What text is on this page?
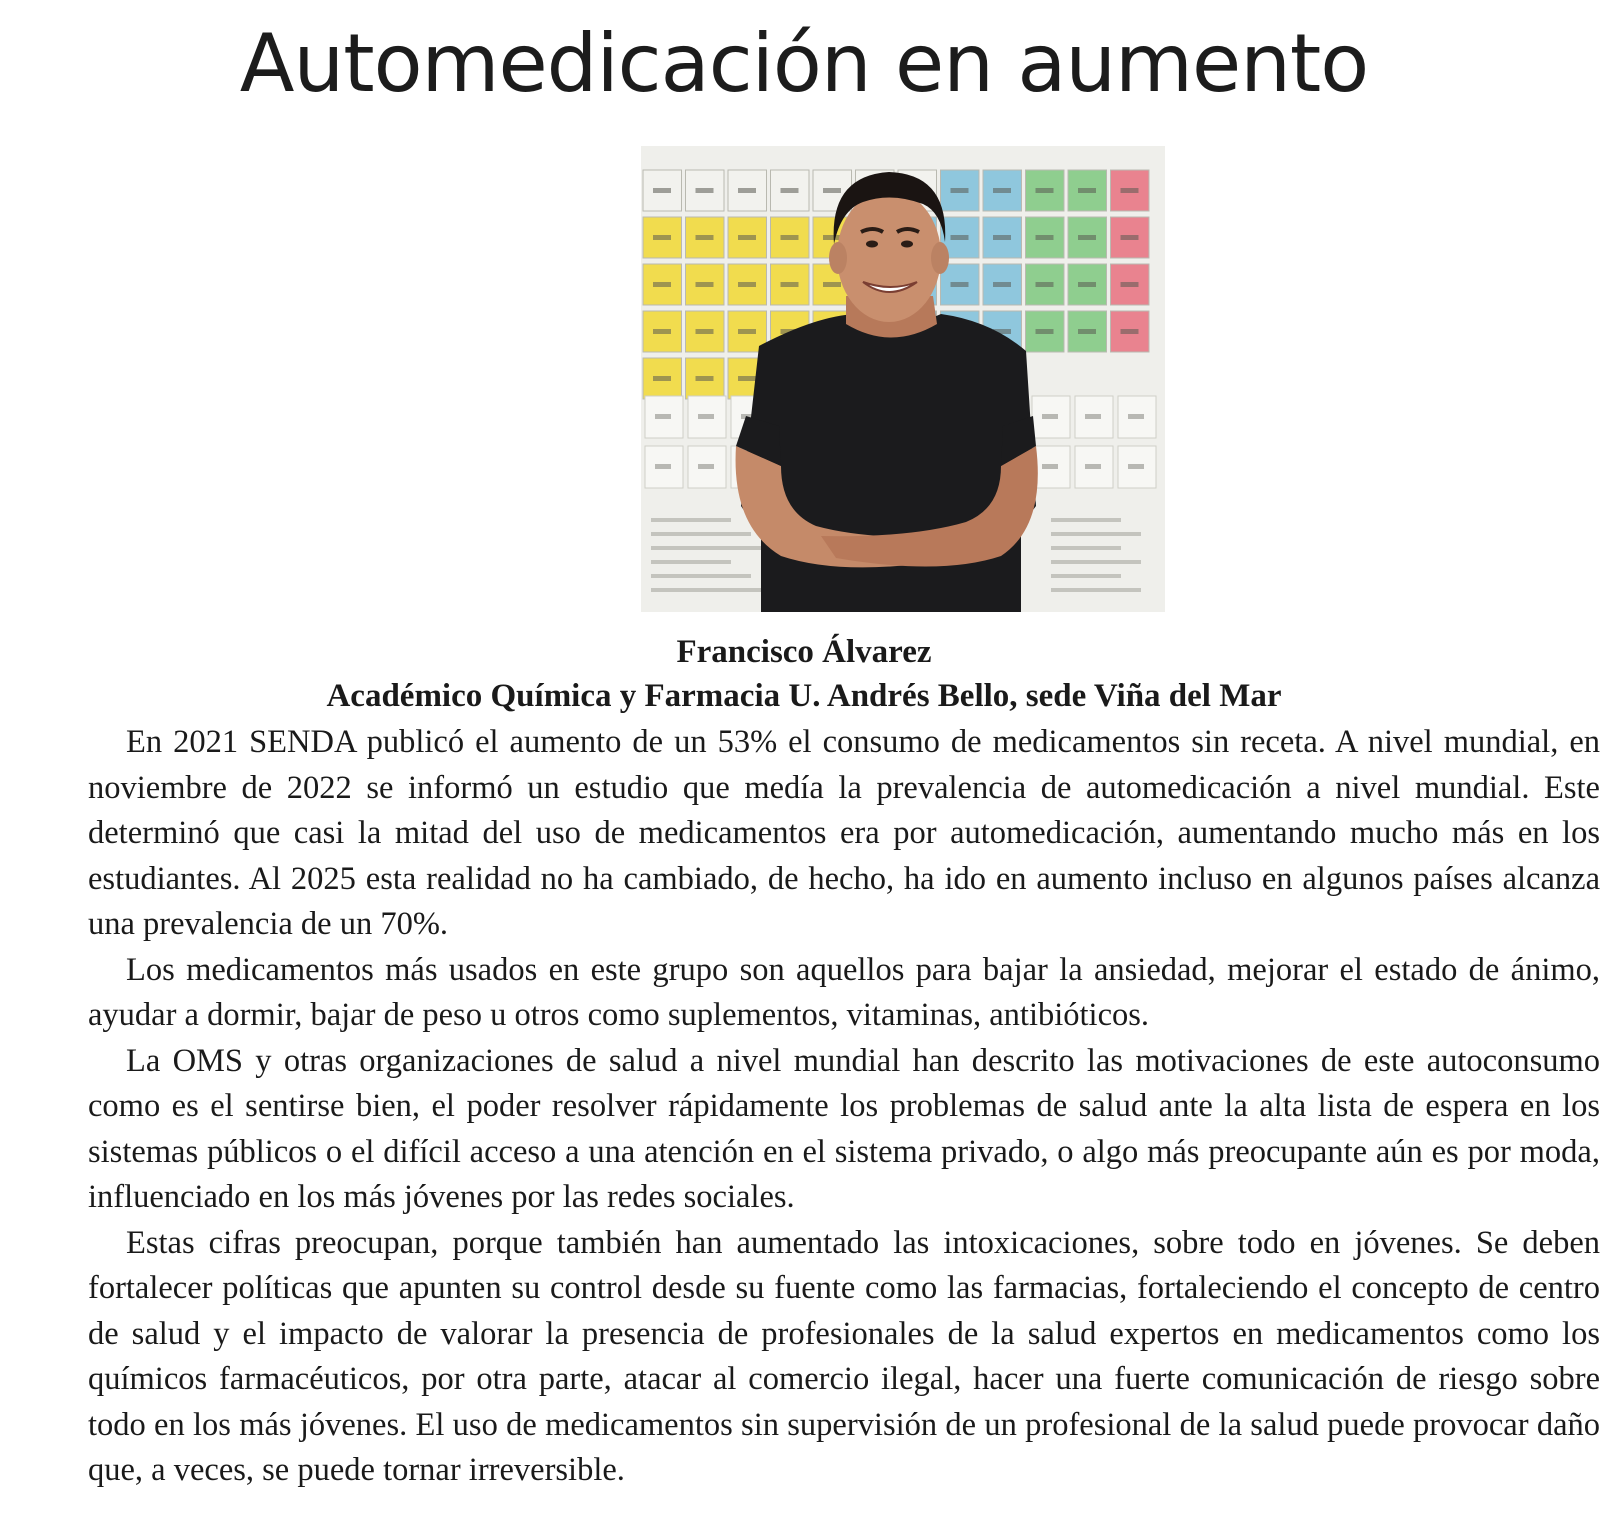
Automedicación en aumento
Francisco Álvarez
Académico Química y Farmacia U. Andrés Bello, sede Viña del Mar

En 2021 SENDA publicó el aumento de un 53% el consumo de medicamentos sin receta. A nivel mundial, en noviembre de 2022 se informó un estudio que medía la prevalencia de automedicación a nivel mundial. Este determinó que casi la mitad del uso de medicamentos era por automedicación, aumentando mucho más en los estudiantes. Al 2025 esta realidad no ha cambiado, de hecho, ha ido en aumento incluso en algunos países alcanza una prevalencia de un 70%.

Los medicamentos más usados en este grupo son aquellos para bajar la ansiedad, mejorar el estado de ánimo, ayudar a dormir, bajar de peso u otros como suplementos, vitaminas, antibióticos.

La OMS y otras organizaciones de salud a nivel mundial han descrito las motivaciones de este autoconsumo como es el sentirse bien, el poder resolver rápidamente los problemas de salud ante la alta lista de espera en los sistemas públicos o el difícil acceso a una atención en el sistema privado, o algo más preocupante aún es por moda, influenciado en los más jóvenes por las redes sociales.

Estas cifras preocupan, porque también han aumentado las intoxicaciones, sobre todo en jóvenes. Se deben fortalecer políticas que apunten su control desde su fuente como las farmacias, fortaleciendo el concepto de centro de salud y el impacto de valorar la presencia de profesionales de la salud expertos en medicamentos como los químicos farmacéuticos, por otra parte, atacar al comercio ilegal, hacer una fuerte comunicación de riesgo sobre todo en los más jóvenes. El uso de medicamentos sin supervisión de un profesional de la salud puede provocar daño que, a veces, se puede tornar irreversible.
